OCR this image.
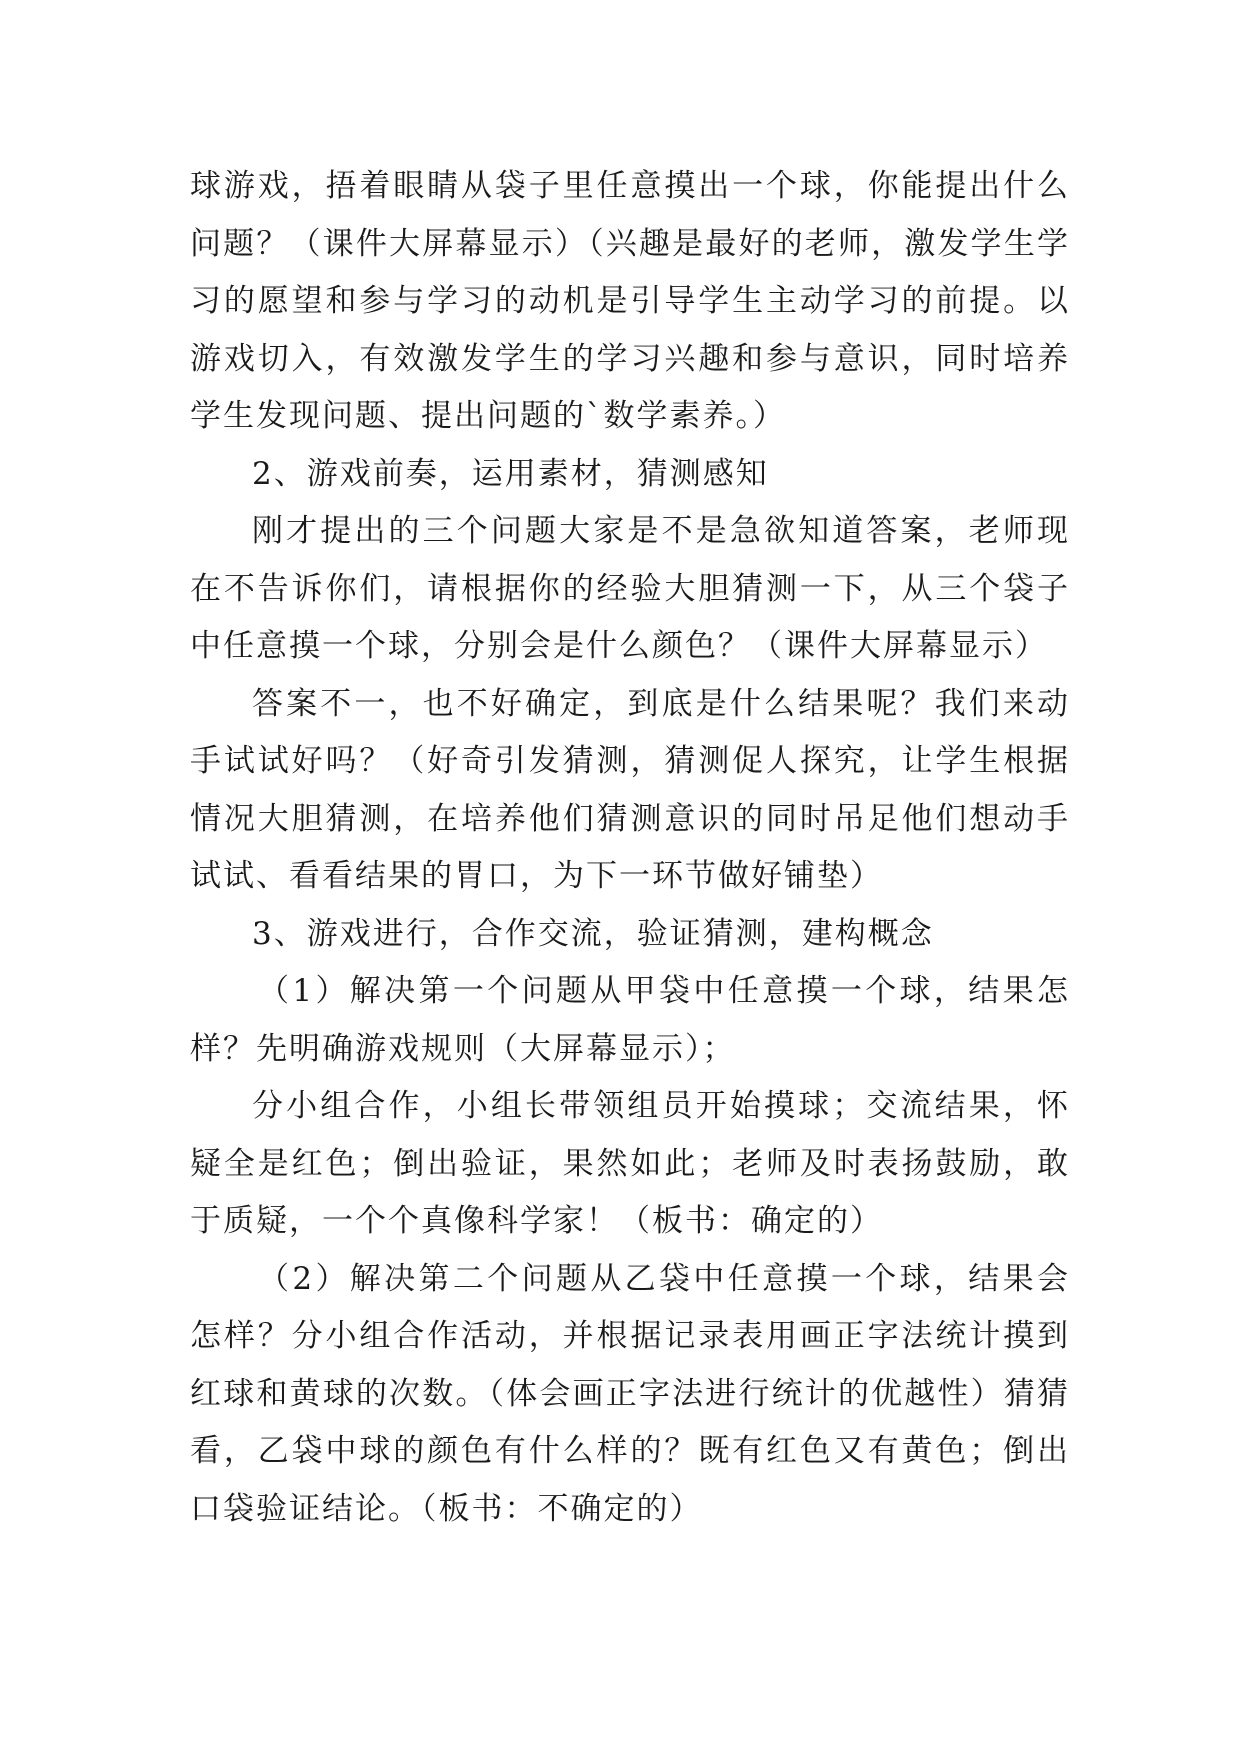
球游戏，捂着眼睛从袋子里任意摸出一个球，你能提出什么问题？（课件大屏幕显示）（兴趣是最好的老师，激发学生学习的愿望和参与学习的动机是引导学生主动学习的前提。以游戏切入，有效激发学生的学习兴趣和参与意识，同时培养学生发现问题、提出问题的`数学素养。）

2、游戏前奏，运用素材，猜测感知

刚才提出的三个问题大家是不是急欲知道答案，老师现在不告诉你们，请根据你的经验大胆猜测一下，从三个袋子中任意摸一个球，分别会是什么颜色？（课件大屏幕显示）

答案不一，也不好确定，到底是什么结果呢？我们来动手试试好吗？（好奇引发猜测，猜测促人探究，让学生根据情况大胆猜测，在培养他们猜测意识的同时吊足他们想动手试试、看看结果的胃口，为下一环节做好铺垫）

3、游戏进行，合作交流，验证猜测，建构概念

（1）解决第一个问题从甲袋中任意摸一个球，结果怎样？先明确游戏规则（大屏幕显示）；

分小组合作，小组长带领组员开始摸球；交流结果，怀疑全是红色；倒出验证，果然如此；老师及时表扬鼓励，敢于质疑，一个个真像科学家！（板书：确定的）

（2）解决第二个问题从乙袋中任意摸一个球，结果会怎样？分小组合作活动，并根据记录表用画正字法统计摸到红球和黄球的次数。（体会画正字法进行统计的优越性）猜猜看，乙袋中球的颜色有什么样的？既有红色又有黄色；倒出口袋验证结论。（板书：不确定的）
